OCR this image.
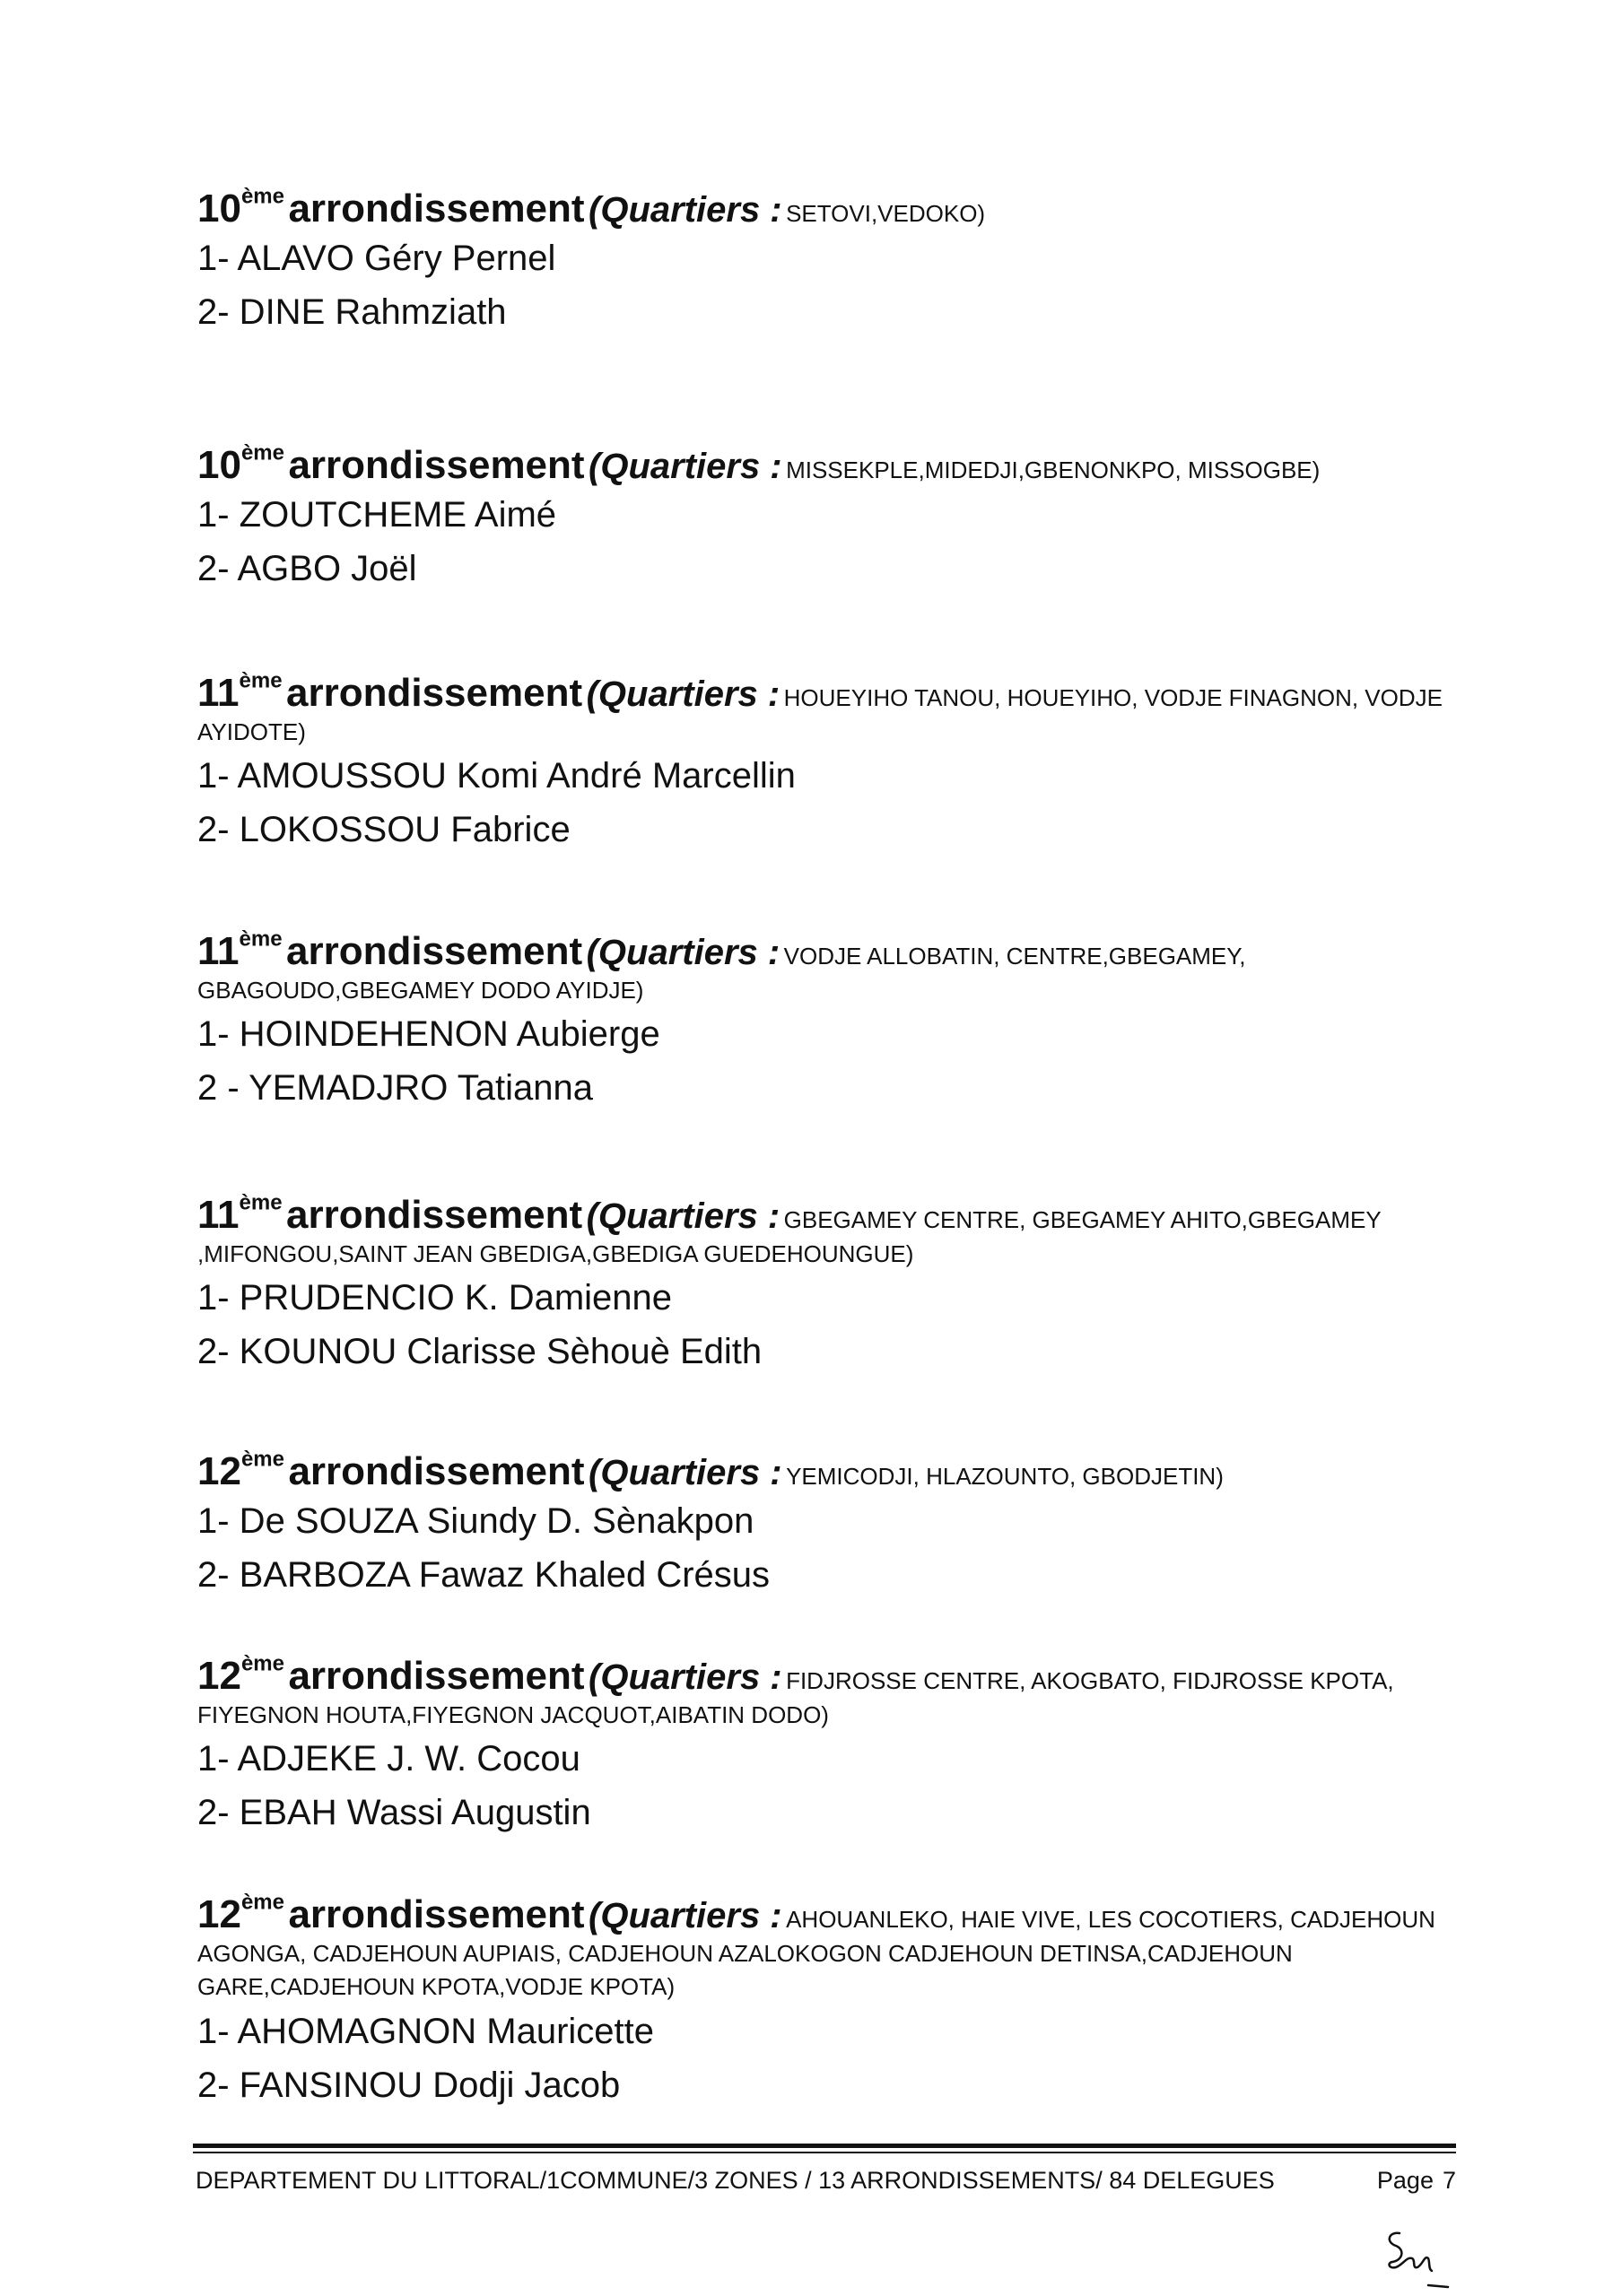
10ème arrondissement (Quartiers : SETOVI,VEDOKO)

1- ALAVO Géry Pernel

2- DINE Rahmziath

10ème arrondissement (Quartiers : MISSEKPLE,MIDEDJI,GBENONKPO, MISSOGBE)

1- ZOUTCHEME Aimé

2- AGBO Joël

11ème arrondissement (Quartiers : HOUEYIHO TANOU, HOUEYIHO, VODJE FINAGNON, VODJE AYIDOTE)

1- AMOUSSOU Komi André Marcellin

2- LOKOSSOU Fabrice

11ème arrondissement (Quartiers : VODJE ALLOBATIN, CENTRE,GBEGAMEY, GBAGOUDO,GBEGAMEY DODO AYIDJE)

1- HOINDEHENON Aubierge

2 - YEMADJRO Tatianna

11ème arrondissement (Quartiers : GBEGAMEY CENTRE, GBEGAMEY AHITO,GBEGAMEY ,MIFONGOU,SAINT JEAN GBEDIGA,GBEDIGA GUEDEHOUNGUE)

1- PRUDENCIO K. Damienne

2- KOUNOU Clarisse Sèhouè Edith

12ème arrondissement (Quartiers : YEMICODJI, HLAZOUNTO, GBODJETIN)

1- De SOUZA Siundy D. Sènakpon

2- BARBOZA Fawaz Khaled Crésus

12ème arrondissement (Quartiers : FIDJROSSE CENTRE, AKOGBATO, FIDJROSSE KPOTA, FIYEGNON HOUTA,FIYEGNON JACQUOT,AIBATIN DODO)

1- ADJEKE J. W. Cocou

2- EBAH Wassi Augustin

12ème arrondissement (Quartiers : AHOUANLEKO, HAIE VIVE, LES COCOTIERS, CADJEHOUN AGONGA, CADJEHOUN AUPIAIS, CADJEHOUN AZALOKOGON CADJEHOUN DETINSA,CADJEHOUN GARE,CADJEHOUN KPOTA,VODJE KPOTA)

1- AHOMAGNON Mauricette

2- FANSINOU Dodji Jacob

DEPARTEMENT DU LITTORAL/1COMMUNE/3 ZONES / 13 ARRONDISSEMENTS/ 84 DELEGUES	Page 7
